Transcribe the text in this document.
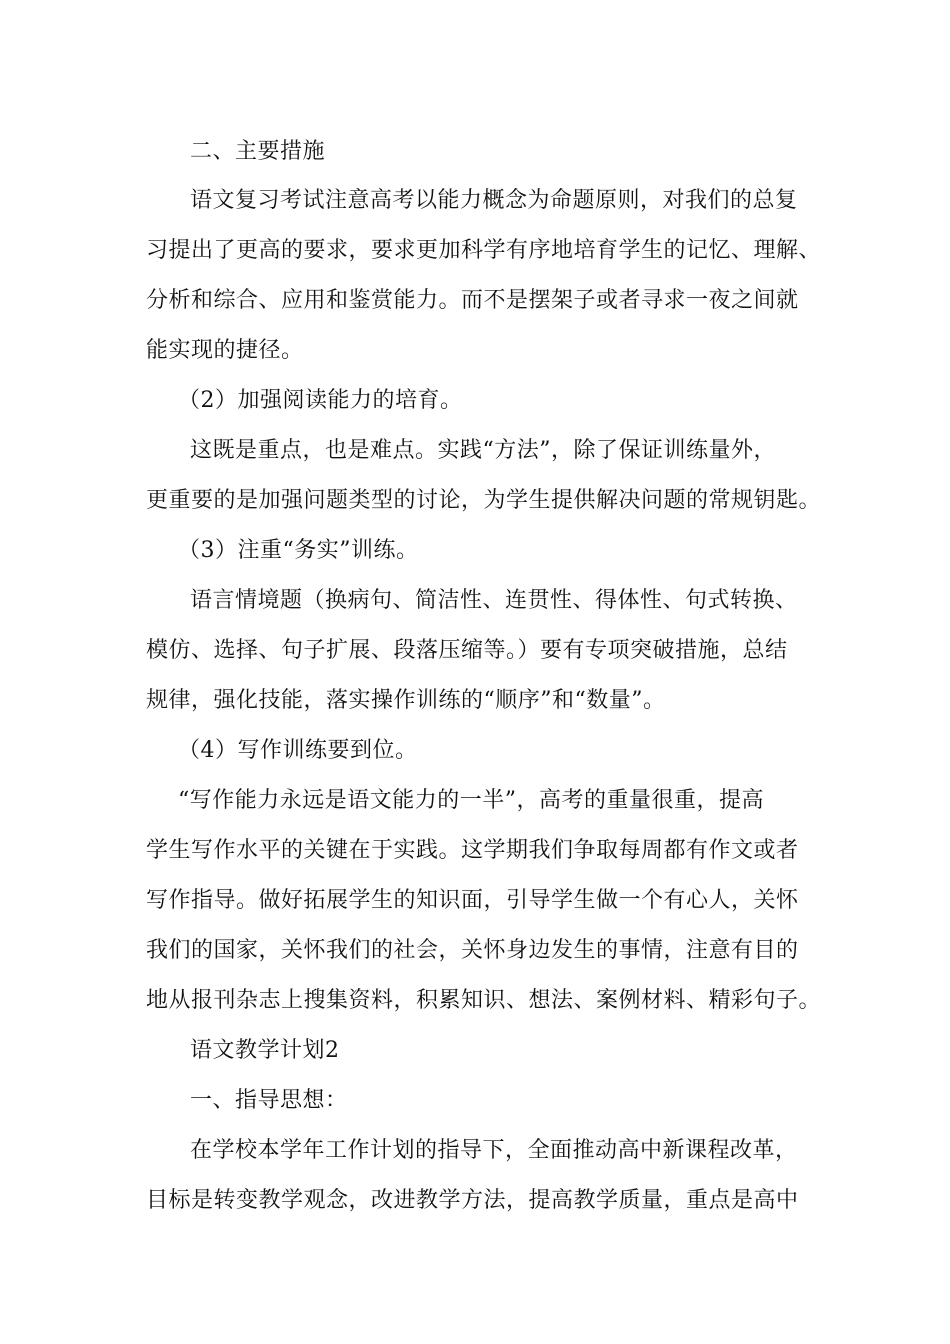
二、主要措施
语文复习考试注意高考以能力概念为命题原则，对我们的总复
习提出了更高的要求，要求更加科学有序地培育学生的记忆、理解、
分析和综合、应用和鉴赏能力。而不是摆架子或者寻求一夜之间就
能实现的捷径。
（2）加强阅读能力的培育。
这既是重点，也是难点。实践“方法”，除了保证训练量外，
更重要的是加强问题类型的讨论，为学生提供解决问题的常规钥匙。
（3）注重“务实”训练。
语言情境题（换病句、简洁性、连贯性、得体性、句式转换、
模仿、选择、句子扩展、段落压缩等。）要有专项突破措施，总结
规律，强化技能，落实操作训练的“顺序”和“数量”。
（4）写作训练要到位。
“写作能力永远是语文能力的一半”，高考的重量很重，提高
学生写作水平的关键在于实践。这学期我们争取每周都有作文或者
写作指导。做好拓展学生的知识面，引导学生做一个有心人，关怀
我们的国家，关怀我们的社会，关怀身边发生的事情，注意有目的
地从报刊杂志上搜集资料，积累知识、想法、案例材料、精彩句子。
语文教学计划2
一、指导思想：
在学校本学年工作计划的指导下，全面推动高中新课程改革，
目标是转变教学观念，改进教学方法，提高教学质量，重点是高中
